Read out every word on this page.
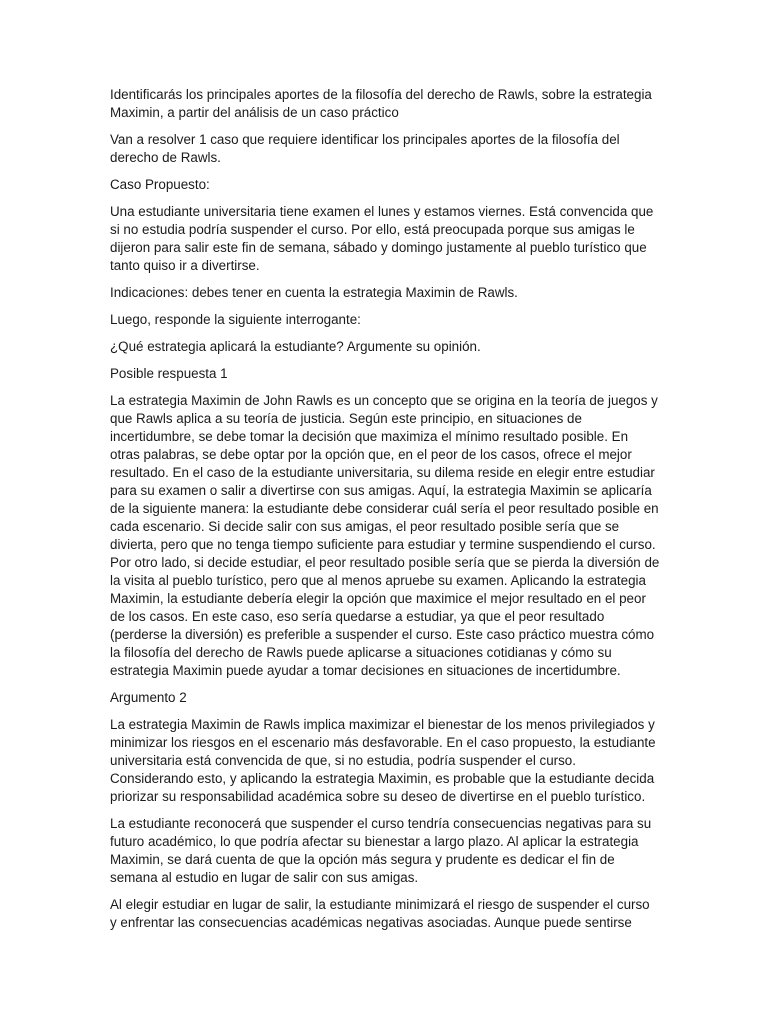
Identificarás los principales aportes de la filosofía del derecho de Rawls, sobre la estrategia Maximin, a partir del análisis de un caso práctico

Van a resolver 1 caso que requiere identificar los principales aportes de la filosofía del derecho de Rawls.

Caso Propuesto:

Una estudiante universitaria tiene examen el lunes y estamos viernes. Está convencida que si no estudia podría suspender el curso. Por ello, está preocupada porque sus amigas le dijeron para salir este fin de semana, sábado y domingo justamente al pueblo turístico que tanto quiso ir a divertirse.

Indicaciones: debes tener en cuenta la estrategia Maximin de Rawls.

Luego, responde la siguiente interrogante:

¿Qué estrategia aplicará la estudiante? Argumente su opinión.

Posible respuesta 1

La estrategia Maximin de John Rawls es un concepto que se origina en la teoría de juegos y que Rawls aplica a su teoría de justicia. Según este principio, en situaciones de incertidumbre, se debe tomar la decisión que maximiza el mínimo resultado posible. En otras palabras, se debe optar por la opción que, en el peor de los casos, ofrece el mejor resultado. En el caso de la estudiante universitaria, su dilema reside en elegir entre estudiar para su examen o salir a divertirse con sus amigas. Aquí, la estrategia Maximin se aplicaría de la siguiente manera: la estudiante debe considerar cuál sería el peor resultado posible en cada escenario. Si decide salir con sus amigas, el peor resultado posible sería que se divierta, pero que no tenga tiempo suficiente para estudiar y termine suspendiendo el curso. Por otro lado, si decide estudiar, el peor resultado posible sería que se pierda la diversión de la visita al pueblo turístico, pero que al menos apruebe su examen. Aplicando la estrategia Maximin, la estudiante debería elegir la opción que maximice el mejor resultado en el peor de los casos. En este caso, eso sería quedarse a estudiar, ya que el peor resultado (perderse la diversión) es preferible a suspender el curso. Este caso práctico muestra cómo la filosofía del derecho de Rawls puede aplicarse a situaciones cotidianas y cómo su estrategia Maximin puede ayudar a tomar decisiones en situaciones de incertidumbre.

Argumento 2

La estrategia Maximin de Rawls implica maximizar el bienestar de los menos privilegiados y minimizar los riesgos en el escenario más desfavorable. En el caso propuesto, la estudiante universitaria está convencida de que, si no estudia, podría suspender el curso. Considerando esto, y aplicando la estrategia Maximin, es probable que la estudiante decida priorizar su responsabilidad académica sobre su deseo de divertirse en el pueblo turístico.

La estudiante reconocerá que suspender el curso tendría consecuencias negativas para su futuro académico, lo que podría afectar su bienestar a largo plazo. Al aplicar la estrategia Maximin, se dará cuenta de que la opción más segura y prudente es dedicar el fin de semana al estudio en lugar de salir con sus amigas.

Al elegir estudiar en lugar de salir, la estudiante minimizará el riesgo de suspender el curso y enfrentar las consecuencias académicas negativas asociadas. Aunque puede sentirse
